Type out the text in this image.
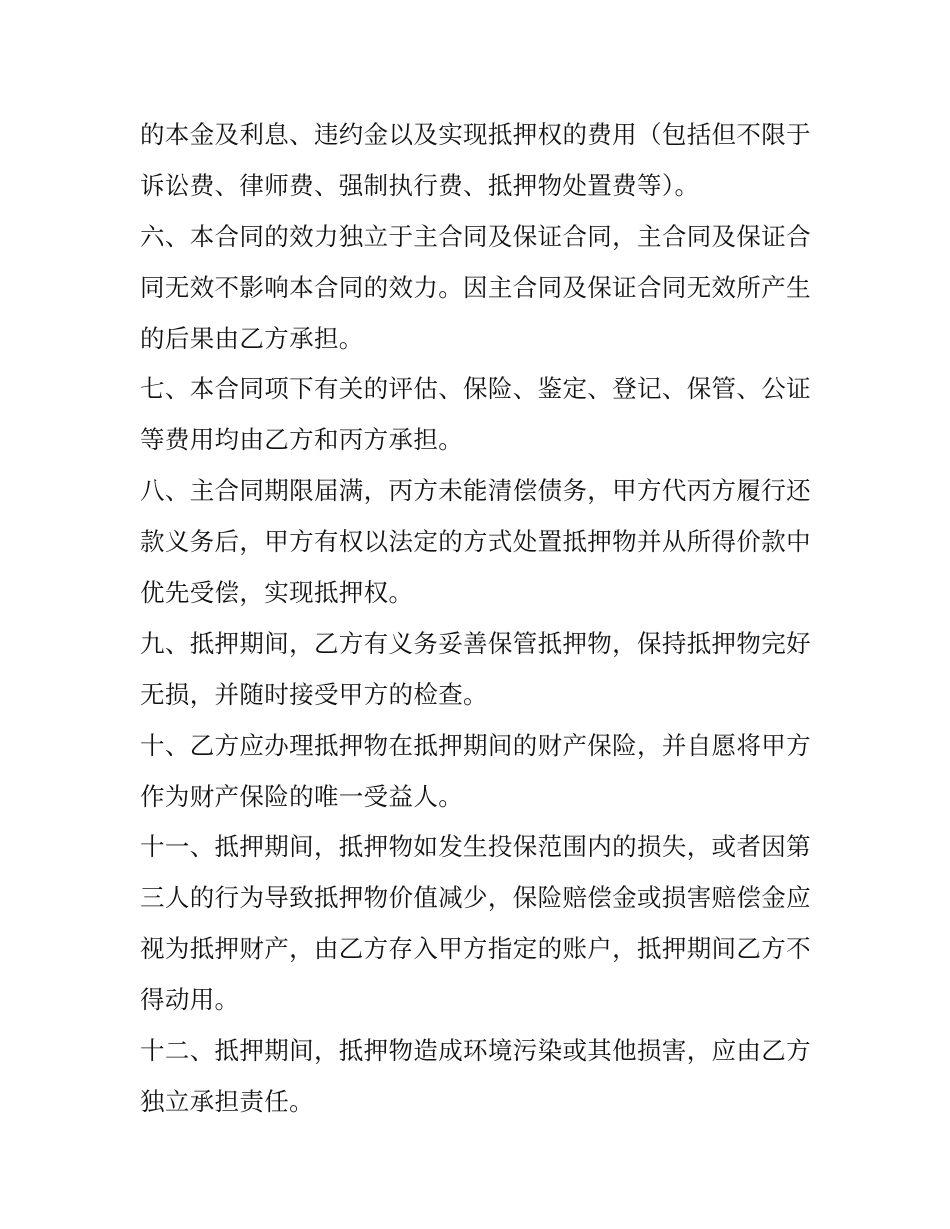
的本金及利息、违约金以及实现抵押权的费用（包括但不限于
诉讼费、律师费、强制执行费、抵押物处置费等）。
六、本合同的效力独立于主合同及保证合同，主合同及保证合
同无效不影响本合同的效力。因主合同及保证合同无效所产生
的后果由乙方承担。
七、本合同项下有关的评估、保险、鉴定、登记、保管、公证
等费用均由乙方和丙方承担。
八、主合同期限届满，丙方未能清偿债务，甲方代丙方履行还
款义务后，甲方有权以法定的方式处置抵押物并从所得价款中
优先受偿，实现抵押权。
九、抵押期间，乙方有义务妥善保管抵押物，保持抵押物完好
无损，并随时接受甲方的检查。
十、乙方应办理抵押物在抵押期间的财产保险，并自愿将甲方
作为财产保险的唯一受益人。
十一、抵押期间，抵押物如发生投保范围内的损失，或者因第
三人的行为导致抵押物价值减少，保险赔偿金或损害赔偿金应
视为抵押财产，由乙方存入甲方指定的账户，抵押期间乙方不
得动用。
十二、抵押期间，抵押物造成环境污染或其他损害，应由乙方
独立承担责任。
